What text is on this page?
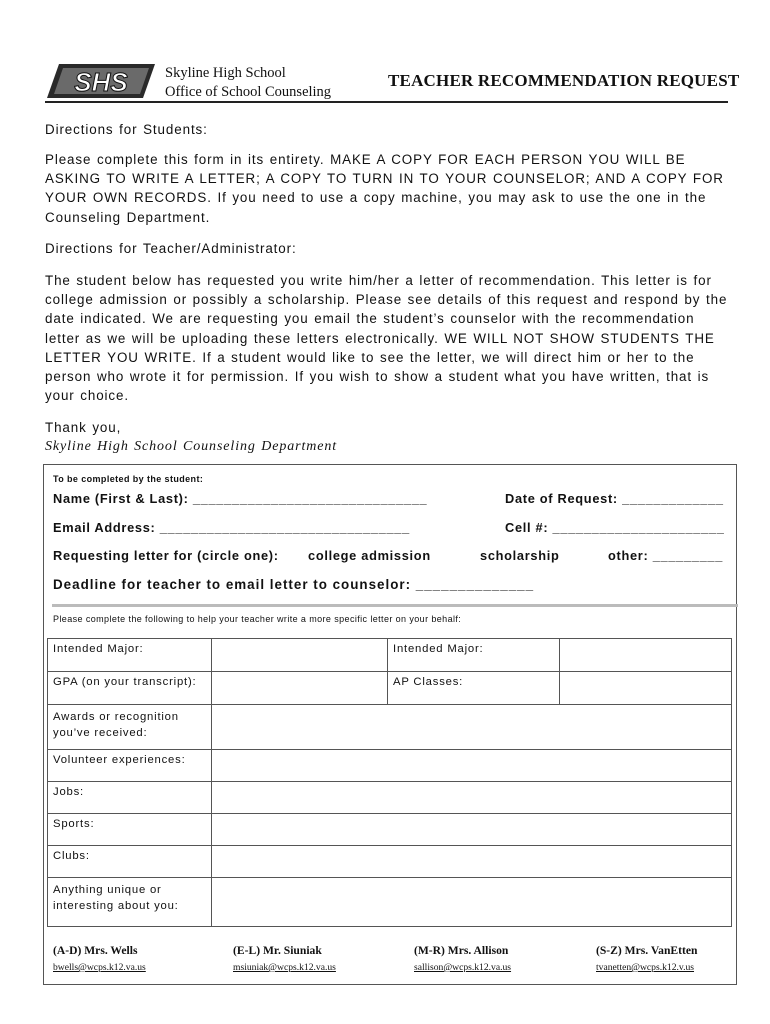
SHS	Skyline High School
Office of School Counseling
TEACHER RECOMMENDATION REQUEST
Directions for Students:
Please complete this form in its entirety. MAKE A COPY FOR EACH PERSON YOU WILL BE ASKING TO WRITE A LETTER; A COPY TO TURN IN TO YOUR COUNSELOR; AND A COPY FOR YOUR OWN RECORDS. If you need to use a copy machine, you may ask to use the one in the Counseling Department.
Directions for Teacher/Administrator:
The student below has requested you write him/her a letter of recommendation. This letter is for college admission or possibly a scholarship. Please see details of this request and respond by the date indicated. We are requesting you email the student’s counselor with the recommendation letter as we will be uploading these letters electronically. WE WILL NOT SHOW STUDENTS THE LETTER YOU WRITE. If a student would like to see the letter, we will direct him or her to the person who wrote it for permission. If you wish to show a student what you have written, that is your choice.
Thank you,
Skyline High School Counseling Department
To be completed by the student:
Name (First & Last): ______________________________	Date of Request: _____________
Email Address: ________________________________	Cell #: ______________________
Requesting letter for (circle one): college admission	scholarship	other: _________
Deadline for teacher to email letter to counselor: ______________
Please complete the following to help your teacher write a more specific letter on your behalf:
Intended Major:		Intended Major:	
GPA (on your transcript):		AP Classes:	
Awards or recognition you’ve received:			
Volunteer experiences:			
Jobs:			
Sports:			
Clubs:			
Anything unique or interesting about you:			
(A-D) Mrs. Wells
bwells@wcps.k12.va.us
(E-L) Mr. Siuniak
msiuniak@wcps.k12.va.us
(M-R) Mrs. Allison
sallison@wcps.k12.va.us
(S-Z) Mrs. VanEtten
tvanetten@wcps.k12.v.us
